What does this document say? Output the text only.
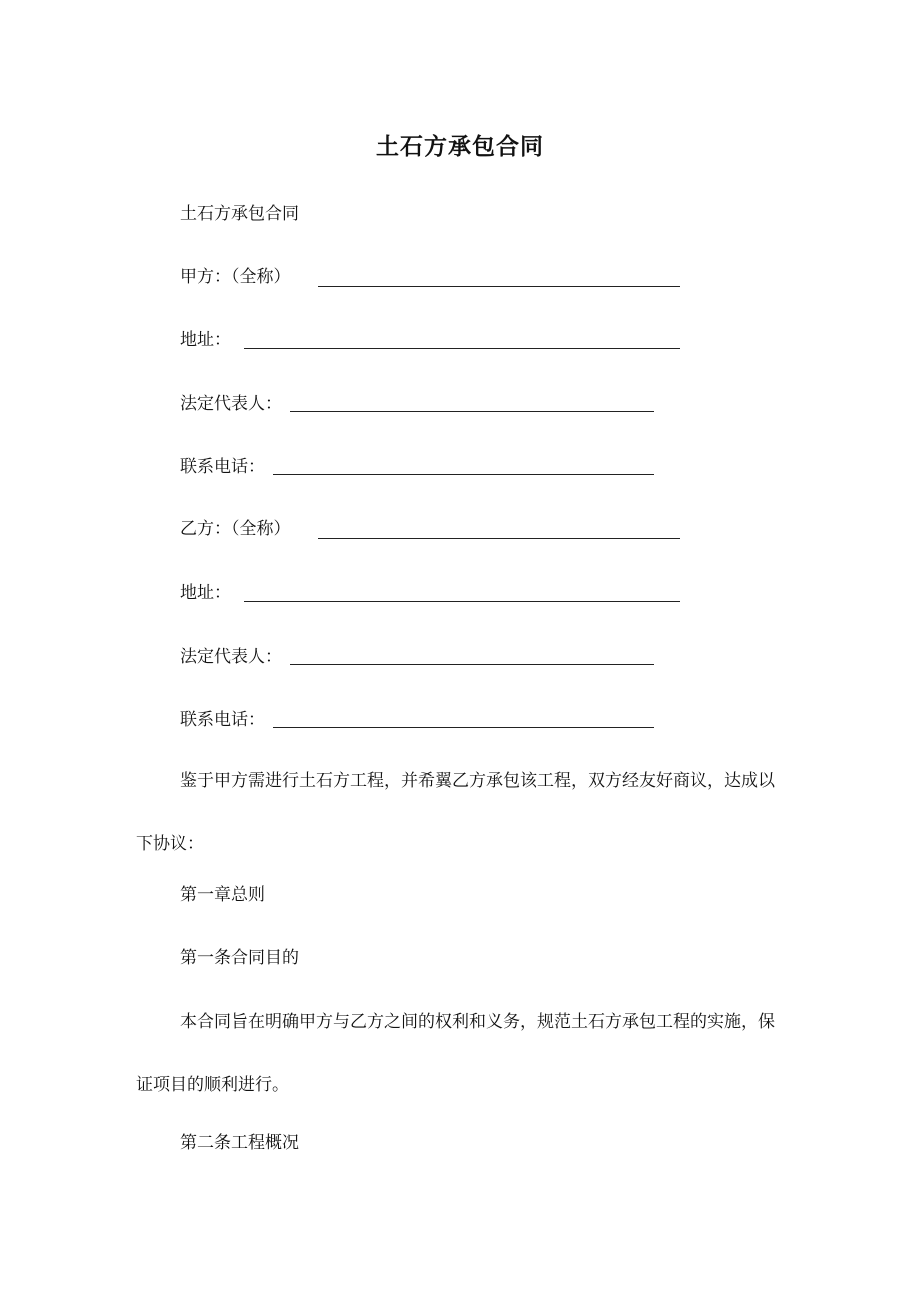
土石方承包合同
土石方承包合同
甲方：（全称）
地址：
法定代表人：
联系电话：
乙方：（全称）
地址：
法定代表人：
联系电话：
鉴于甲方需进行土石方工程，并希翼乙方承包该工程，双方经友好商议，达成以下协议：
第一章总则
第一条合同目的
本合同旨在明确甲方与乙方之间的权利和义务，规范土石方承包工程的实施，保证项目的顺利进行。
第二条工程概况
